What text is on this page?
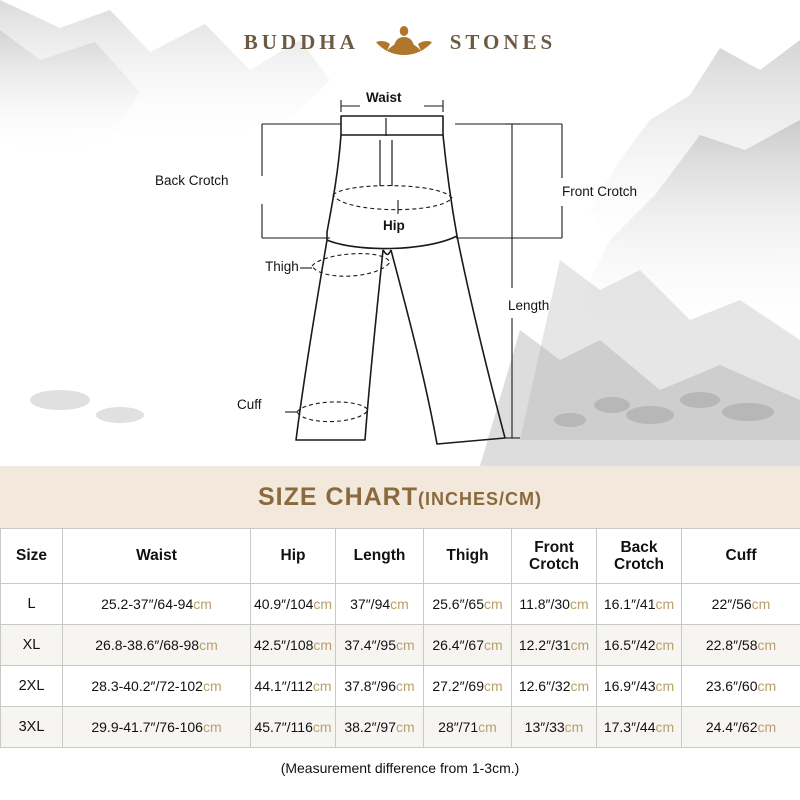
BUDDHA	STONES
Waist
Hip
Thigh
Cuff
Length
Front Crotch
Back Crotch
SIZE CHART(INCHES/CM)
Size	Waist	Hip	Length	Thigh	Front Crotch	Back Crotch	Cuff
L	25.2-37″/64-94cm	40.9″/104cm	37″/94cm	25.6″/65cm	11.8″/30cm	16.1″/41cm	22″/56cm
XL	26.8-38.6″/68-98cm	42.5″/108cm	37.4″/95cm	26.4″/67cm	12.2″/31cm	16.5″/42cm	22.8″/58cm
2XL	28.3-40.2″/72-102cm	44.1″/112cm	37.8″/96cm	27.2″/69cm	12.6″/32cm	16.9″/43cm	23.6″/60cm
3XL	29.9-41.7″/76-106cm	45.7″/116cm	38.2″/97cm	28″/71cm	13″/33cm	17.3″/44cm	24.4″/62cm
(Measurement difference from 1-3cm.)
